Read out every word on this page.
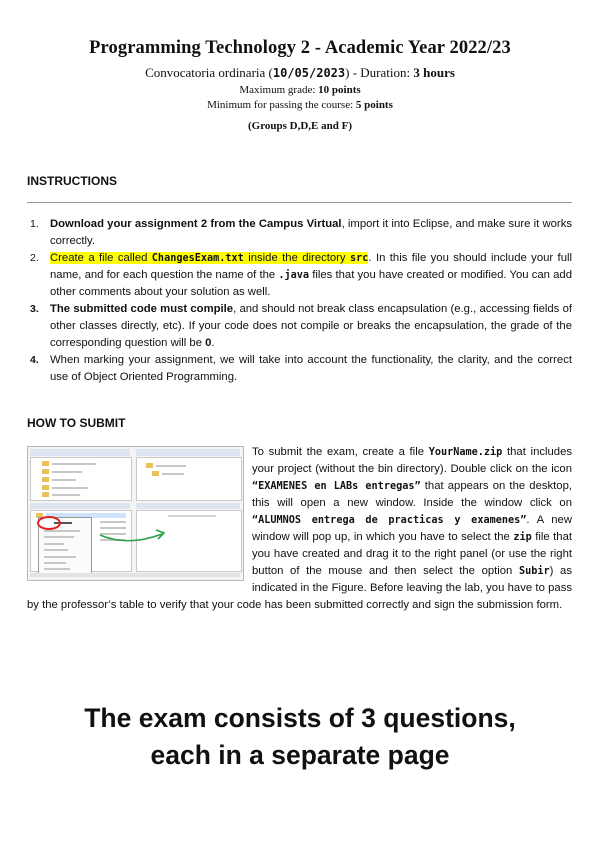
Programming Technology 2 - Academic Year 2022/23
Convocatoria ordinaria (10/05/2023) - Duration: 3 hours
Maximum grade: 10 points
Minimum for passing the course: 5 points
(Groups D,D,E and F)
INSTRUCTIONS
1. Download your assignment 2 from the Campus Virtual, import it into Eclipse, and make sure it works correctly.
2. Create a file called ChangesExam.txt inside the directory src. In this file you should include your full name, and for each question the name of the .java files that you have created or modified. You can add other comments about your solution as well.
3. The submitted code must compile, and should not break class encapsulation (e.g., accessing fields of other classes directly, etc). If your code does not compile or breaks the encapsulation, the grade of the corresponding question will be 0.
4. When marking your assignment, we will take into account the functionality, the clarity, and the correct use of Object Oriented Programming.
HOW TO SUBMIT
To submit the exam, create a file YourName.zip that includes your project (without the bin directory). Double click on the icon “EXAMENES en LABs entregas” that appears on the desktop, this will open a new window. Inside the window click on “ALUMNOS entrega de practicas y examenes”. A new window will pop up, in which you have to select the zip file that you have created and drag it to the right panel (or use the right button of the mouse and then select the option Subir) as indicated in the Figure. Before leaving the lab, you have to pass by the professor’s table to verify that your code has been submitted correctly and sign the submission form.
The exam consists of 3 questions,
each in a separate page
